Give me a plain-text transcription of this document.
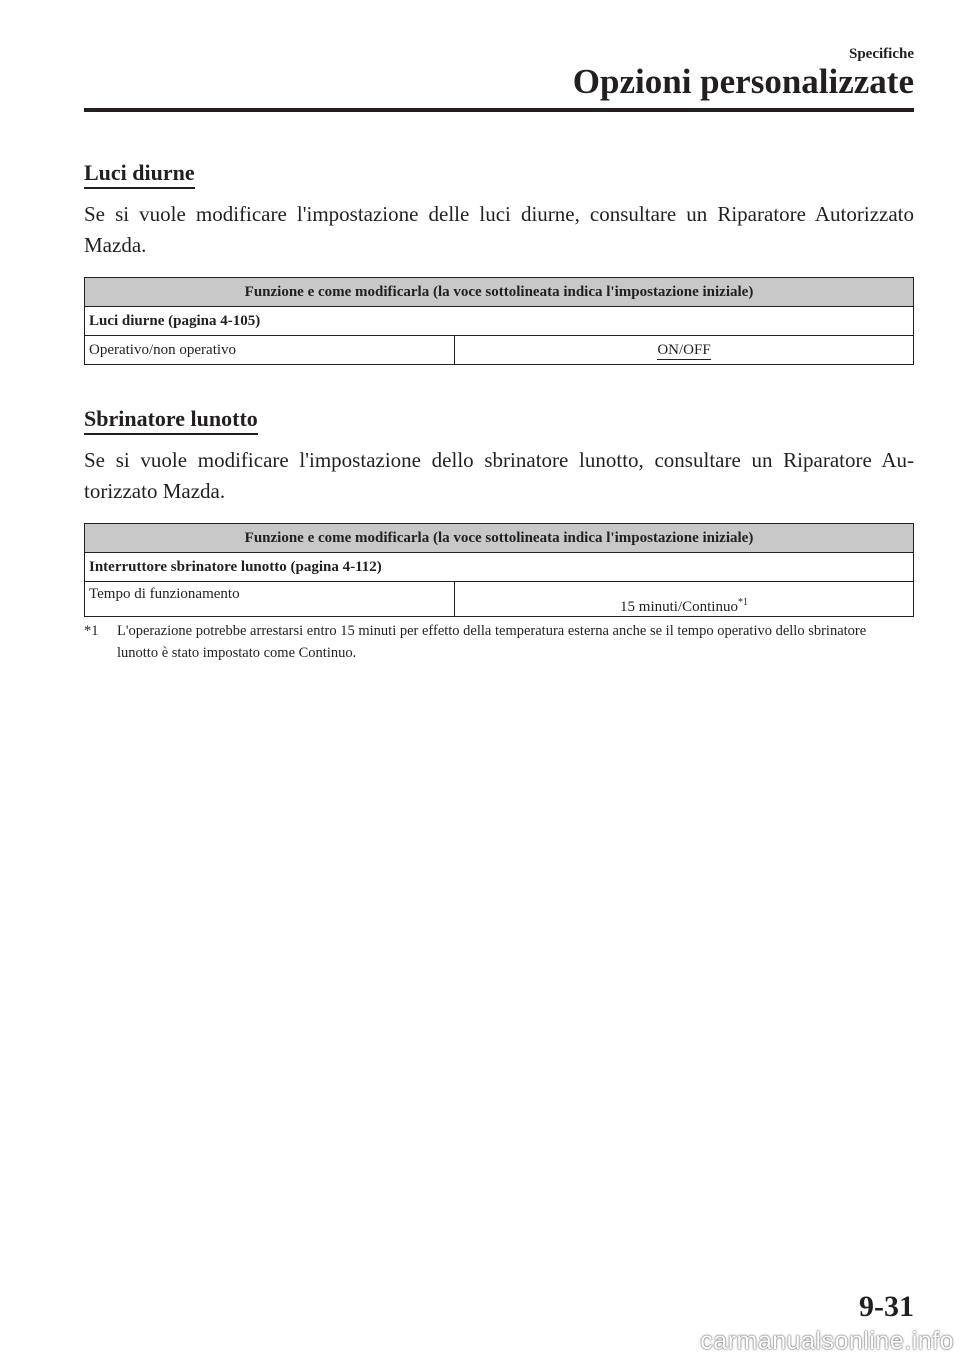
Specifiche
Opzioni personalizzate
Luci diurne
Se si vuole modificare l'impostazione delle luci diurne, consultare un Riparatore Autorizzato Mazda.
Funzione e come modificarla (la voce sottolineata indica l'impostazione iniziale)
Luci diurne (pagina 4-105)
Operativo/non operativo	ON/OFF
Sbrinatore lunotto
Se si vuole modificare l'impostazione dello sbrinatore lunotto, consultare un Riparatore Au- torizzato Mazda.
Funzione e come modificarla (la voce sottolineata indica l'impostazione iniziale)
Interruttore sbrinatore lunotto (pagina 4-112)
Tempo di funzionamento	15 minuti/Continuo$^{*1}$
*1 L'operazione potrebbe arrestarsi entro 15 minuti per effetto della temperatura esterna anche se il tempo operativo dello sbrinatore lunotto è stato impostato come Continuo.
9-31
carmanualsonline.info
